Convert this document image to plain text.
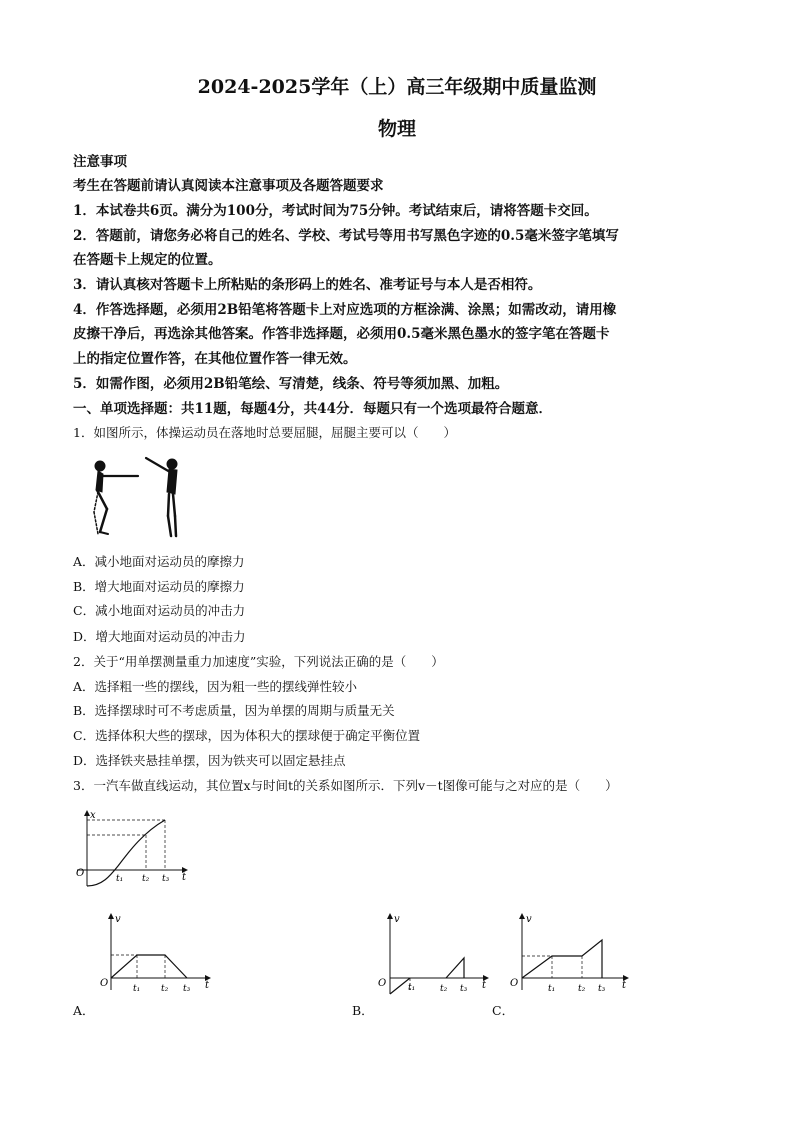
2024-2025学年（上）高三年级期中质量监测
物理
注意事项
考生在答题前请认真阅读本注意事项及各题答题要求
1．本试卷共6页。满分为100分，考试时间为75分钟。考试结束后，请将答题卡交回。
2．答题前，请您务必将自己的姓名、学校、考试号等用书写黑色字迹的0.5毫米签字笔填写
在答题卡上规定的位置。
3．请认真核对答题卡上所粘贴的条形码上的姓名、准考证号与本人是否相符。
4．作答选择题，必须用2B铅笔将答题卡上对应选项的方框涂满、涂黑；如需改动，请用橡
皮擦干净后，再选涂其他答案。作答非选择题，必须用0.5毫米黑色墨水的签字笔在答题卡
上的指定位置作答，在其他位置作答一律无效。
5．如需作图，必须用2B铅笔绘、写清楚，线条、符号等须加黑、加粗。
一、单项选择题：共11题，每题4分，共44分．每题只有一个选项最符合题意．
1．如图所示，体操运动员在落地时总要屈腿，屈腿主要可以（　　）
A．减小地面对运动员的摩擦力
B．增大地面对运动员的摩擦力
C．减小地面对运动员的冲击力
D．增大地面对运动员的冲击力
2．关于“用单摆测量重力加速度”实验，下列说法正确的是（　　）
A．选择粗一些的摆线，因为粗一些的摆线弹性较小
B．选择摆球时可不考虑质量，因为单摆的周期与质量无关
C．选择体积大些的摆球，因为体积大的摆球便于确定平衡位置
D．选择铁夹悬挂单摆，因为铁夹可以固定悬挂点
3．一汽车做直线运动，其位置x与时间t的关系如图所示．下列v－t图像可能与之对应的是（　　）
x
t
O	t₁ t₂ t₃
v
t
O	t₁ t₂ t₃
A．
v
t
O t₁	t₂ t₃
B．
v
t
O	t₁	t₂ t₃
C．
